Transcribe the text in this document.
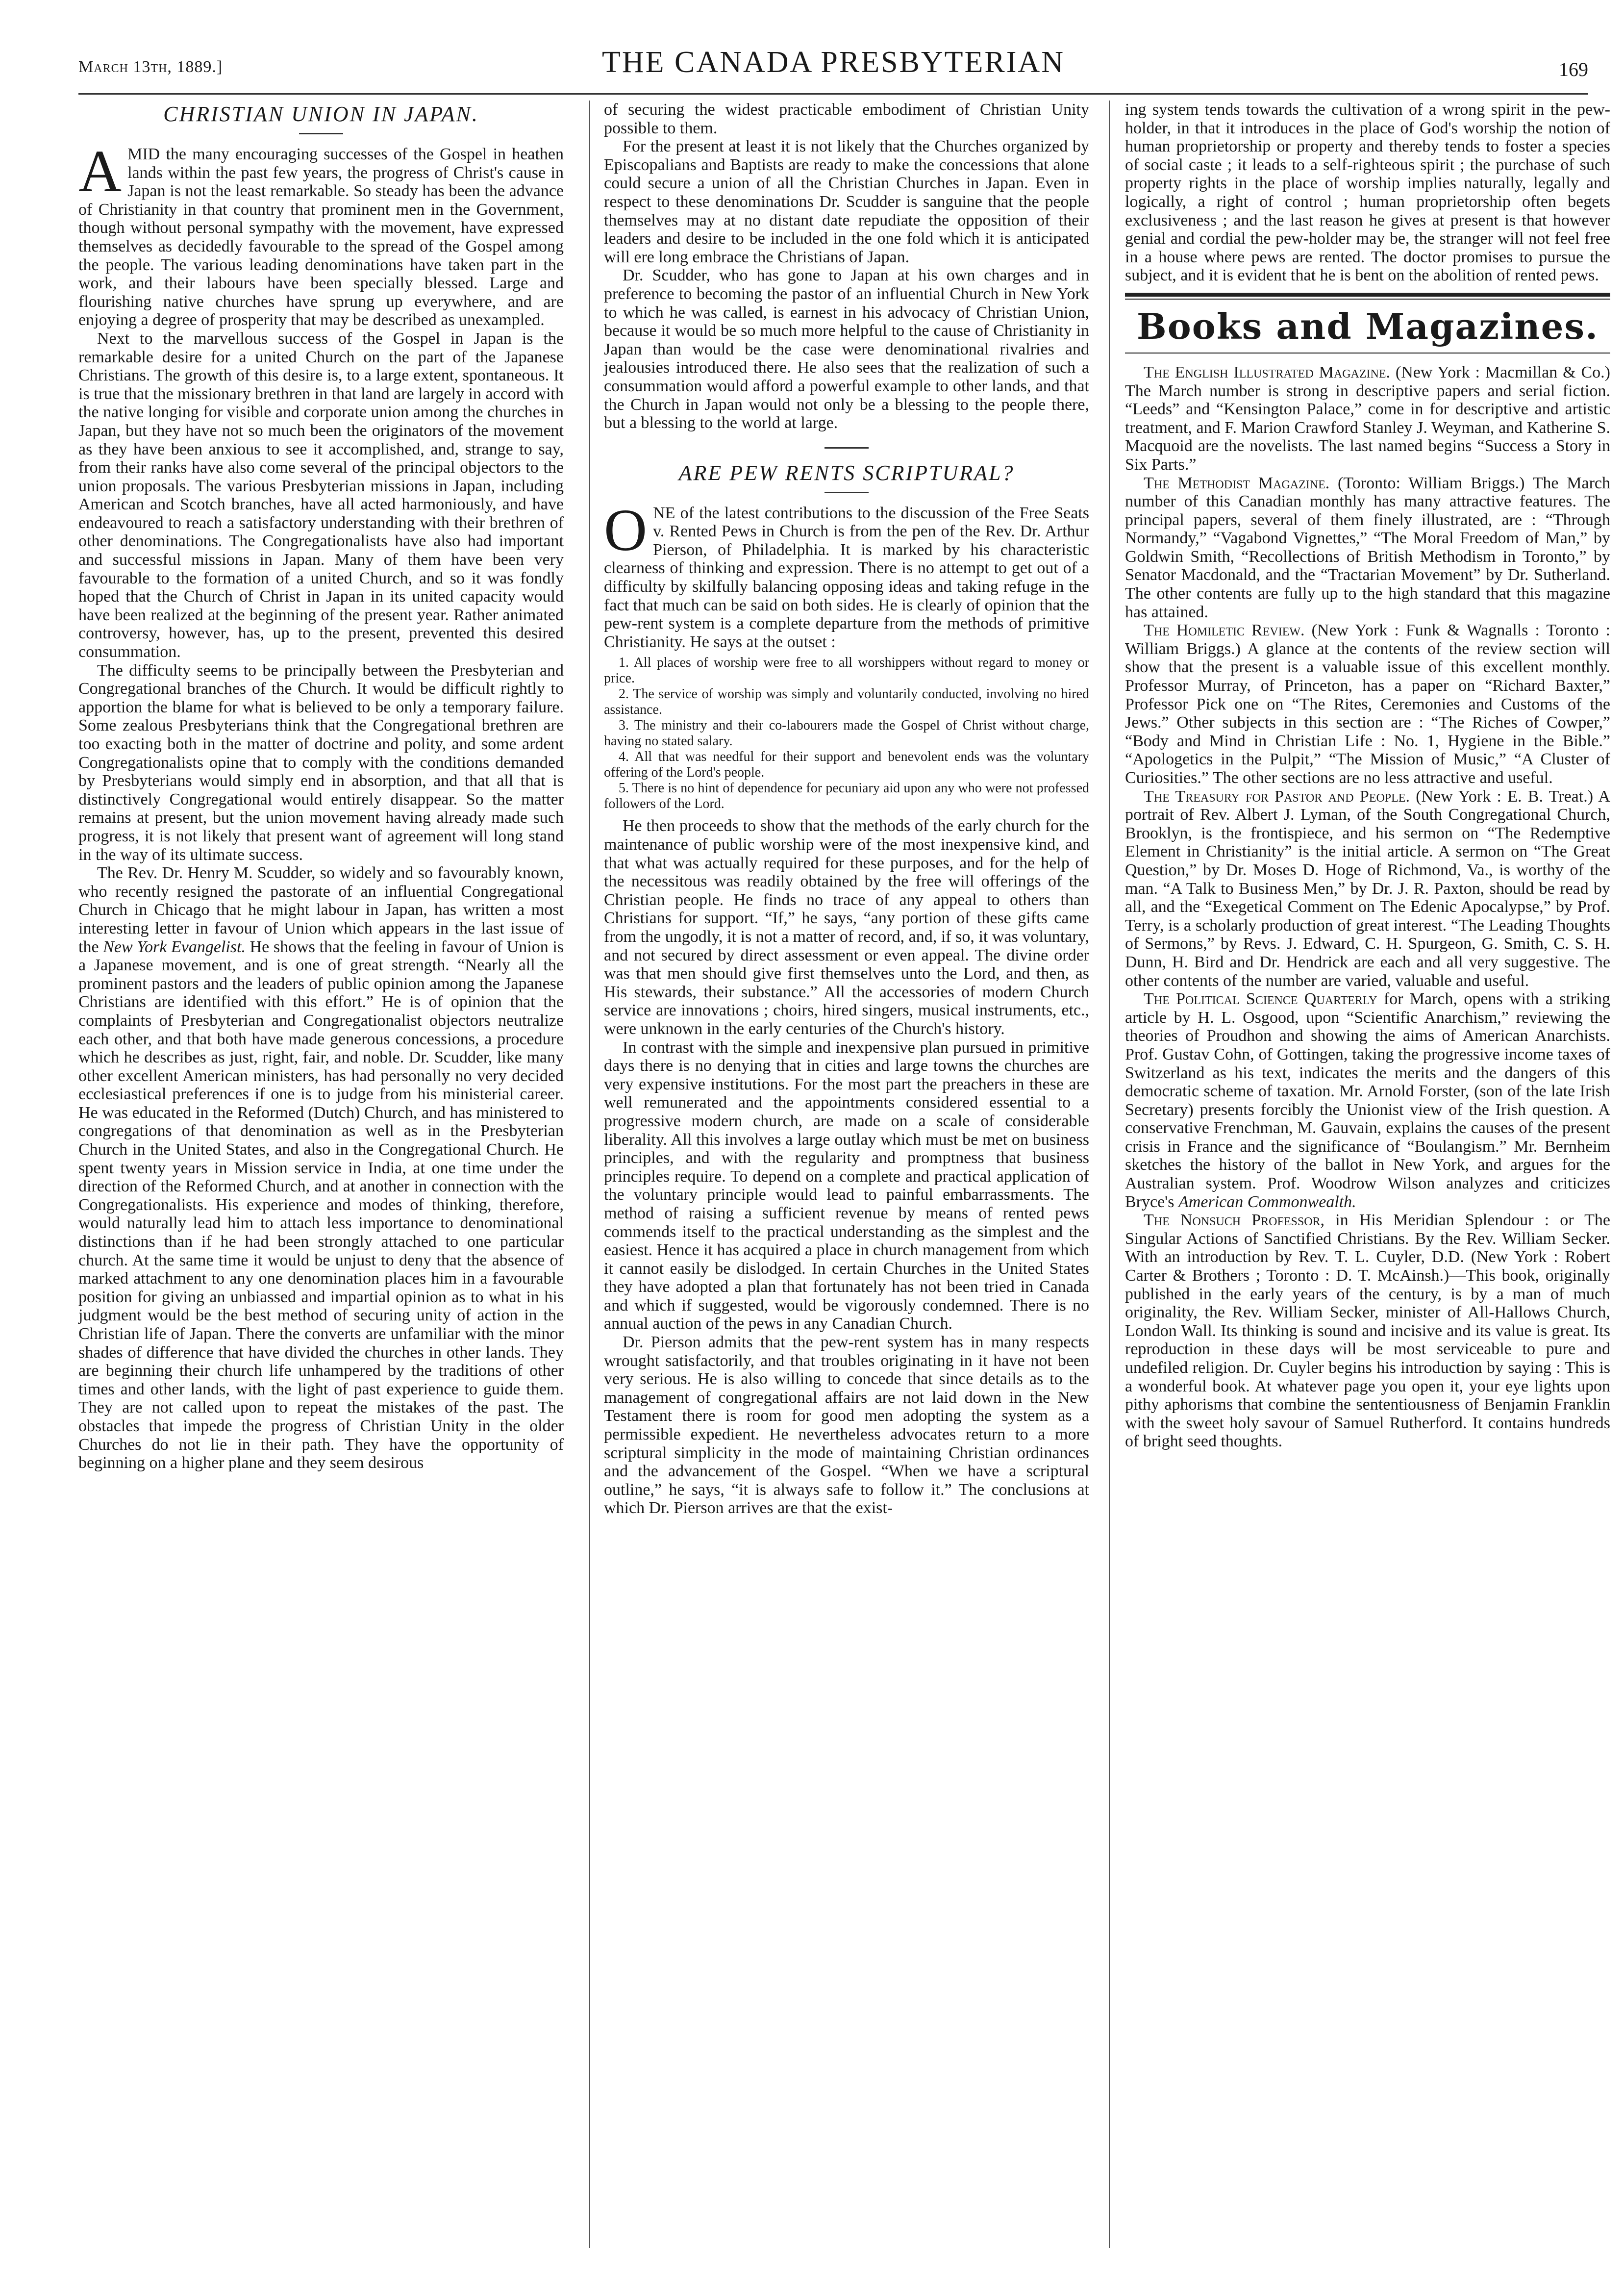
March 13th, 1889.]	THE CANADA PRESBYTERIAN	169
CHRISTIAN UNION IN JAPAN.

AMID the many encouraging successes of the Gospel in heathen lands within the past few years, the progress of Christ's cause in Japan is not the least remarkable. So steady has been the advance of Christianity in that country that prominent men in the Government, though without personal sympathy with the movement, have expressed themselves as decidedly favourable to the spread of the Gospel among the people. The various leading denominations have taken part in the work, and their labours have been specially blessed. Large and flourishing native churches have sprung up everywhere, and are enjoying a degree of prosperity that may be described as unexampled.

Next to the marvellous success of the Gospel in Japan is the remarkable desire for a united Church on the part of the Japanese Christians. The growth of this desire is, to a large extent, spontaneous. It is true that the missionary brethren in that land are largely in accord with the native longing for visible and corporate union among the churches in Japan, but they have not so much been the originators of the movement as they have been anxious to see it accomplished, and, strange to say, from their ranks have also come several of the principal objectors to the union proposals. The various Presbyterian missions in Japan, including American and Scotch branches, have all acted harmoniously, and have endeavoured to reach a satisfactory understanding with their brethren of other denominations. The Congregationalists have also had important and successful missions in Japan. Many of them have been very favourable to the formation of a united Church, and so it was fondly hoped that the Church of Christ in Japan in its united capacity would have been realized at the beginning of the present year. Rather animated controversy, however, has, up to the present, prevented this desired consummation.

The difficulty seems to be principally between the Presbyterian and Congregational branches of the Church. It would be difficult rightly to apportion the blame for what is believed to be only a temporary failure. Some zealous Presbyterians think that the Congregational brethren are too exacting both in the matter of doctrine and polity, and some ardent Congregationalists opine that to comply with the conditions demanded by Presbyterians would simply end in absorption, and that all that is distinctively Congregational would entirely disappear. So the matter remains at present, but the union movement having already made such progress, it is not likely that present want of agreement will long stand in the way of its ultimate success.

The Rev. Dr. Henry M. Scudder, so widely and so favourably known, who recently resigned the pastorate of an influential Congregational Church in Chicago that he might labour in Japan, has written a most interesting letter in favour of Union which appears in the last issue of the New York Evangelist. He shows that the feeling in favour of Union is a Japanese movement, and is one of great strength. “Nearly all the prominent pastors and the leaders of public opinion among the Japanese Christians are identified with this effort.” He is of opinion that the complaints of Presbyterian and Congregationalist objectors neutralize each other, and that both have made generous concessions, a procedure which he describes as just, right, fair, and noble. Dr. Scudder, like many other excellent American ministers, has had personally no very decided ecclesiastical preferences if one is to judge from his ministerial career. He was educated in the Reformed (Dutch) Church, and has ministered to congregations of that denomination as well as in the Presbyterian Church in the United States, and also in the Congregational Church. He spent twenty years in Mission service in India, at one time under the direction of the Reformed Church, and at another in connection with the Congregationalists. His experience and modes of thinking, therefore, would naturally lead him to attach less importance to denominational distinctions than if he had been strongly attached to one particular church. At the same time it would be unjust to deny that the absence of marked attachment to any one denomination places him in a favourable position for giving an unbiassed and impartial opinion as to what in his judgment would be the best method of securing unity of action in the Christian life of Japan. There the converts are unfamiliar with the minor shades of difference that have divided the churches in other lands. They are beginning their church life unhampered by the traditions of other times and other lands, with the light of past experience to guide them. They are not called upon to repeat the mistakes of the past. The obstacles that impede the progress of Christian Unity in the older Churches do not lie in their path. They have the opportunity of beginning on a higher plane and they seem desirous

of securing the widest practicable embodiment of Christian Unity possible to them.

For the present at least it is not likely that the Churches organized by Episcopalians and Baptists are ready to make the concessions that alone could secure a union of all the Christian Churches in Japan. Even in respect to these denominations Dr. Scudder is sanguine that the people themselves may at no distant date repudiate the opposition of their leaders and desire to be included in the one fold which it is anticipated will ere long embrace the Christians of Japan.

Dr. Scudder, who has gone to Japan at his own charges and in preference to becoming the pastor of an influential Church in New York to which he was called, is earnest in his advocacy of Christian Union, because it would be so much more helpful to the cause of Christianity in Japan than would be the case were denominational rivalries and jealousies introduced there. He also sees that the realization of such a consummation would afford a powerful example to other lands, and that the Church in Japan would not only be a blessing to the people there, but a blessing to the world at large.

ARE PEW RENTS SCRIPTURAL?

ONE of the latest contributions to the discussion of the Free Seats v. Rented Pews in Church is from the pen of the Rev. Dr. Arthur Pierson, of Philadelphia. It is marked by his characteristic clearness of thinking and expression. There is no attempt to get out of a difficulty by skilfully balancing opposing ideas and taking refuge in the fact that much can be said on both sides. He is clearly of opinion that the pew-rent system is a complete departure from the methods of primitive Christianity. He says at the outset :

1. All places of worship were free to all worshippers without regard to money or price.
2. The service of worship was simply and voluntarily conducted, involving no hired assistance.
3. The ministry and their co-labourers made the Gospel of Christ without charge, having no stated salary.
4. All that was needful for their support and benevolent ends was the voluntary offering of the Lord's people.
5. There is no hint of dependence for pecuniary aid upon any who were not professed followers of the Lord.

He then proceeds to show that the methods of the early church for the maintenance of public worship were of the most inexpensive kind, and that what was actually required for these purposes, and for the help of the necessitous was readily obtained by the free will offerings of the Christian people. He finds no trace of any appeal to others than Christians for support. “If,” he says, “any portion of these gifts came from the ungodly, it is not a matter of record, and, if so, it was voluntary, and not secured by direct assessment or even appeal. The divine order was that men should give first themselves unto the Lord, and then, as His stewards, their substance.” All the accessories of modern Church service are innovations ; choirs, hired singers, musical instruments, etc., were unknown in the early centuries of the Church's history.

In contrast with the simple and inexpensive plan pursued in primitive days there is no denying that in cities and large towns the churches are very expensive institutions. For the most part the preachers in these are well remunerated and the appointments considered essential to a progressive modern church, are made on a scale of considerable liberality. All this involves a large outlay which must be met on business principles, and with the regularity and promptness that business principles require. To depend on a complete and practical application of the voluntary principle would lead to painful embarrassments. The method of raising a sufficient revenue by means of rented pews commends itself to the practical understanding as the simplest and the easiest. Hence it has acquired a place in church management from which it cannot easily be dislodged. In certain Churches in the United States they have adopted a plan that fortunately has not been tried in Canada and which if suggested, would be vigorously condemned. There is no annual auction of the pews in any Canadian Church.

Dr. Pierson admits that the pew-rent system has in many respects wrought satisfactorily, and that troubles originating in it have not been very serious. He is also willing to concede that since details as to the management of congregational affairs are not laid down in the New Testament there is room for good men adopting the system as a permissible expedient. He nevertheless advocates return to a more scriptural simplicity in the mode of maintaining Christian ordinances and the advancement of the Gospel. “When we have a scriptural outline,” he says, “it is always safe to follow it.” The conclusions at which Dr. Pierson arrives are that the exist-

ing system tends towards the cultivation of a wrong spirit in the pew-holder, in that it introduces in the place of God's worship the notion of human proprietorship or property and thereby tends to foster a species of social caste ; it leads to a self-righteous spirit ; the purchase of such property rights in the place of worship implies naturally, legally and logically, a right of control ; human proprietorship often begets exclusiveness ; and the last reason he gives at present is that however genial and cordial the pew-holder may be, the stranger will not feel free in a house where pews are rented. The doctor promises to pursue the subject, and it is evident that he is bent on the abolition of rented pews.

Books and Magazines.

The English Illustrated Magazine. (New York : Macmillan & Co.) The March number is strong in descriptive papers and serial fiction. “Leeds” and “Kensington Palace,” come in for descriptive and artistic treatment, and F. Marion Crawford Stanley J. Weyman, and Katherine S. Macquoid are the novelists. The last named begins “Success a Story in Six Parts.”

The Methodist Magazine. (Toronto: William Briggs.) The March number of this Canadian monthly has many attractive features. The principal papers, several of them finely illustrated, are : “Through Normandy,” “Vagabond Vignettes,” “The Moral Freedom of Man,” by Goldwin Smith, “Recollections of British Methodism in Toronto,” by Senator Macdonald, and the “Tractarian Movement” by Dr. Sutherland. The other contents are fully up to the high standard that this magazine has attained.

The Homiletic Review. (New York : Funk & Wagnalls : Toronto : William Briggs.) A glance at the contents of the review section will show that the present is a valuable issue of this excellent monthly. Professor Murray, of Princeton, has a paper on “Richard Baxter,” Professor Pick one on “The Rites, Ceremonies and Customs of the Jews.” Other subjects in this section are : “The Riches of Cowper,” “Body and Mind in Christian Life : No. 1, Hygiene in the Bible.” “Apologetics in the Pulpit,” “The Mission of Music,” “A Cluster of Curiosities.” The other sections are no less attractive and useful.

The Treasury for Pastor and People. (New York : E. B. Treat.) A portrait of Rev. Albert J. Lyman, of the South Congregational Church, Brooklyn, is the frontispiece, and his sermon on “The Redemptive Element in Christianity” is the initial article. A sermon on “The Great Question,” by Dr. Moses D. Hoge of Richmond, Va., is worthy of the man. “A Talk to Business Men,” by Dr. J. R. Paxton, should be read by all, and the “Exegetical Comment on The Edenic Apocalypse,” by Prof. Terry, is a scholarly production of great interest. “The Leading Thoughts of Sermons,” by Revs. J. Edward, C. H. Spurgeon, G. Smith, C. S. H. Dunn, H. Bird and Dr. Hendrick are each and all very suggestive. The other contents of the number are varied, valuable and useful.

The Political Science Quarterly for March, opens with a striking article by H. L. Osgood, upon “Scientific Anarchism,” reviewing the theories of Proudhon and showing the aims of American Anarchists. Prof. Gustav Cohn, of Gottingen, taking the progressive income taxes of Switzerland as his text, indicates the merits and the dangers of this democratic scheme of taxation. Mr. Arnold Forster, (son of the late Irish Secretary) presents forcibly the Unionist view of the Irish question. A conservative Frenchman, M. Gauvain, explains the causes of the present crisis in France and the significance of “Boulangism.” Mr. Bernheim sketches the history of the ballot in New York, and argues for the Australian system. Prof. Woodrow Wilson analyzes and criticizes Bryce's American Commonwealth.

The Nonsuch Professor, in His Meridian Splendour : or The Singular Actions of Sanctified Christians. By the Rev. William Secker. With an introduction by Rev. T. L. Cuyler, D.D. (New York : Robert Carter & Brothers ; Toronto : D. T. McAinsh.)—This book, originally published in the early years of the century, is by a man of much originality, the Rev. William Secker, minister of All-Hallows Church, London Wall. Its thinking is sound and incisive and its value is great. Its reproduction in these days will be most serviceable to pure and undefiled religion. Dr. Cuyler begins his introduction by saying : This is a wonderful book. At whatever page you open it, your eye lights upon pithy aphorisms that combine the sententiousness of Benjamin Franklin with the sweet holy savour of Samuel Rutherford. It contains hundreds of bright seed thoughts.
